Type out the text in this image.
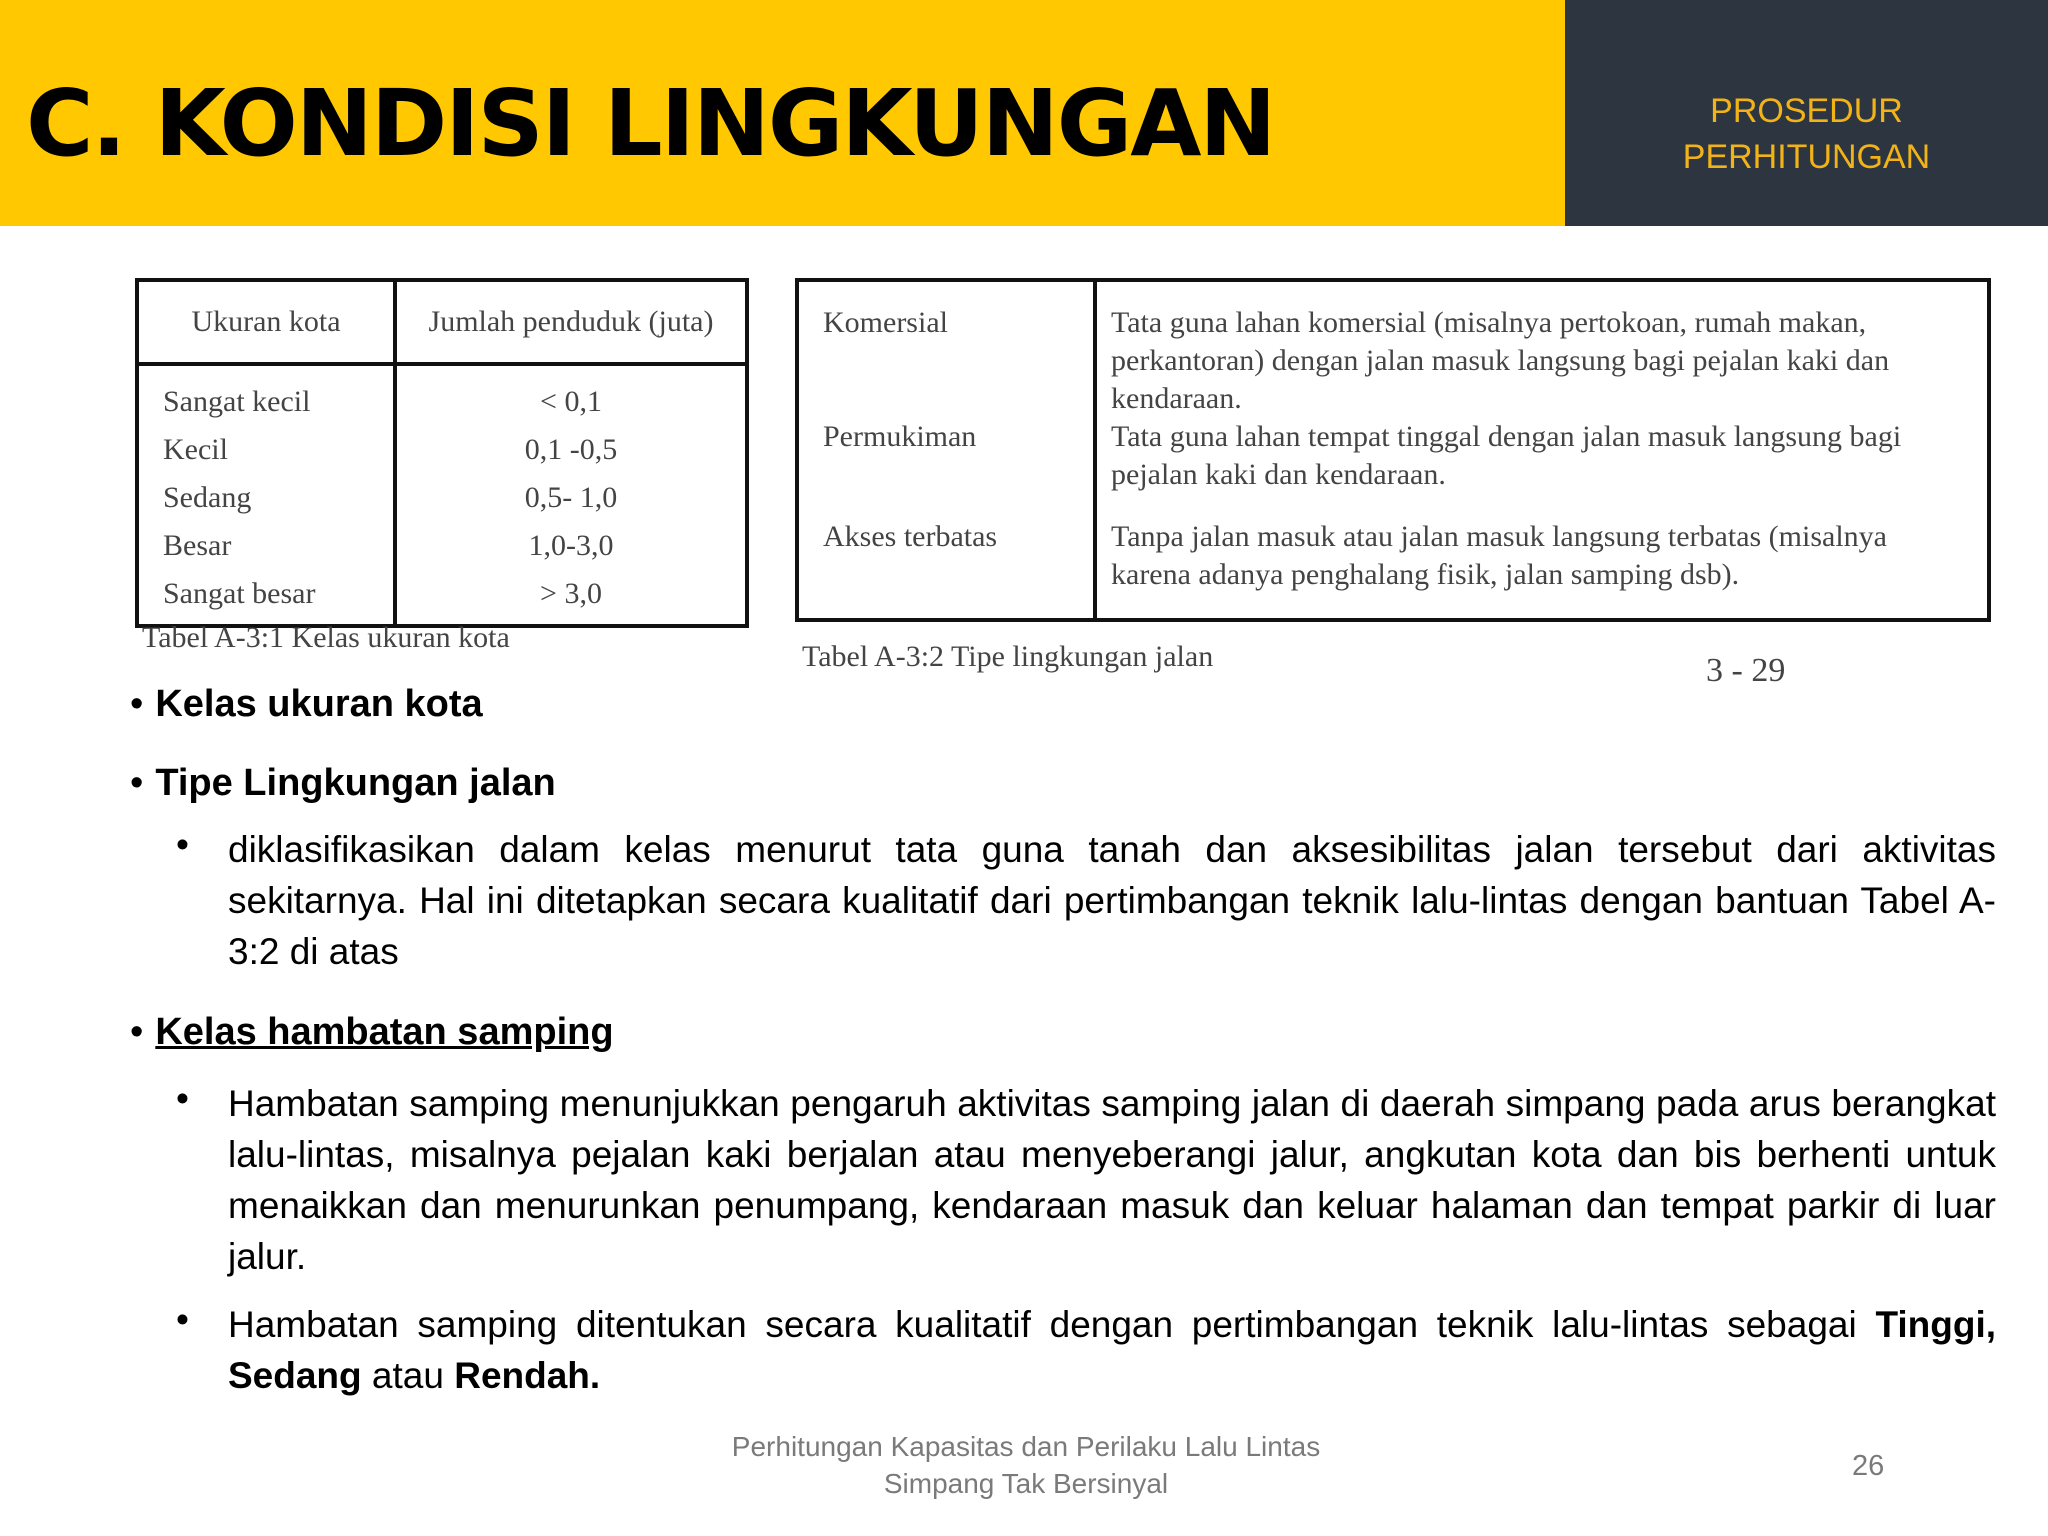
C. KONDISI LINGKUNGAN	PROSEDUR
PERHITUNGAN
Ukuran kota	Jumlah penduduk (juta)
Sangat kecil	< 0,1
Kecil	0,1 -0,5
Sedang	0,5- 1,0
Besar	1,0-3,0
Sangat besar	> 3,0
Tabel A-3:1 Kelas ukuran kota
Komersial	Tata guna lahan komersial (misalnya pertokoan, rumah makan, perkantoran) dengan jalan masuk langsung bagi pejalan kaki dan kendaraan.
Permukiman	Tata guna lahan tempat tinggal dengan jalan masuk langsung bagi pejalan kaki dan kendaraan.
Akses terbatas	Tanpa jalan masuk atau jalan masuk langsung terbatas (misalnya karena adanya penghalang fisik, jalan samping dsb).
Tabel A-3:2 Tipe lingkungan jalan	3 - 29
• Kelas ukuran kota
• Tipe Lingkungan jalan
• diklasifikasikan dalam kelas menurut tata guna tanah dan aksesibilitas jalan tersebut dari aktivitas sekitarnya. Hal ini ditetapkan secara kualitatif dari pertimbangan teknik lalu-lintas dengan bantuan Tabel A-3:2 di atas
• Kelas hambatan samping
• Hambatan samping menunjukkan pengaruh aktivitas samping jalan di daerah simpang pada arus berangkat lalu-lintas, misalnya pejalan kaki berjalan atau menyeberangi jalur, angkutan kota dan bis berhenti untuk menaikkan dan menurunkan penumpang, kendaraan masuk dan keluar halaman dan tempat parkir di luar jalur.
• Hambatan samping ditentukan secara kualitatif dengan pertimbangan teknik lalu-lintas sebagai Tinggi, Sedang atau Rendah.
Perhitungan Kapasitas dan Perilaku Lalu Lintas
Simpang Tak Bersinyal
26
